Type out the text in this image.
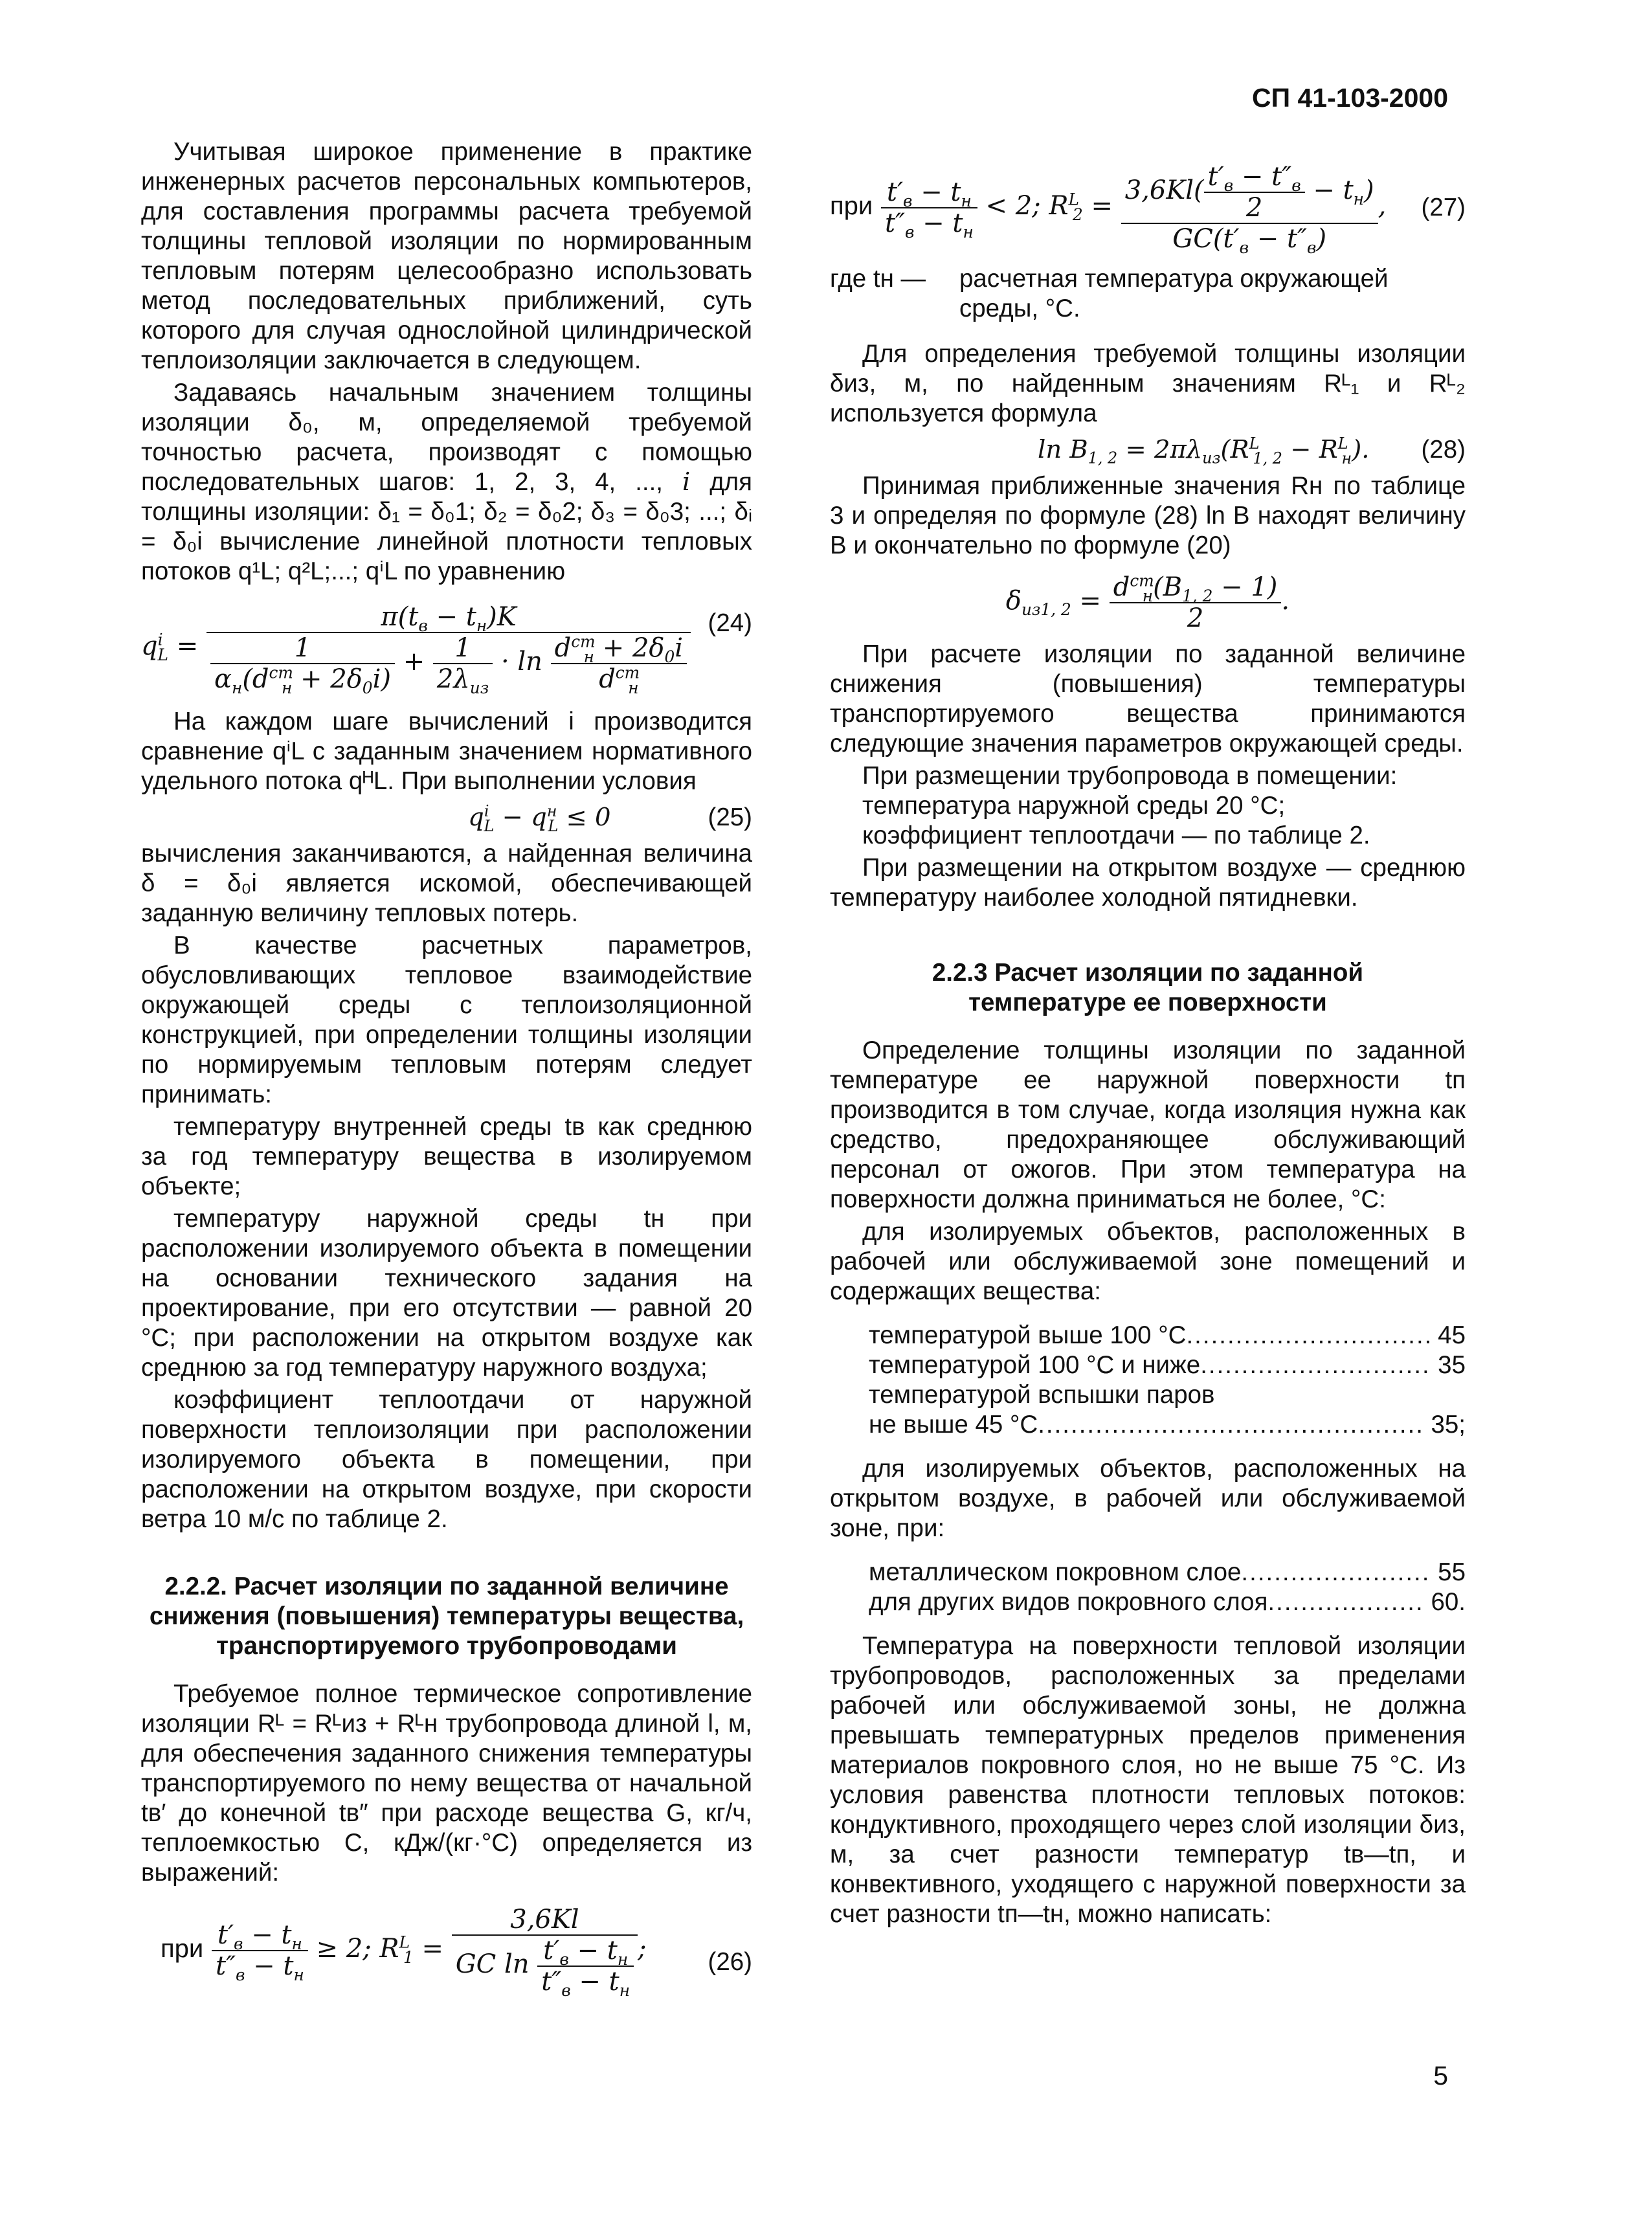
СП 41-103-2000

Учитывая широкое применение в практике инженерных расчетов персональных компьютеров, для составления программы расчета требуемой толщины тепловой изоляции по нормированным тепловым потерям целесообразно использовать метод последовательных приближений, суть которого для случая однослойной цилиндрической теплоизоляции заключается в следующем.

Задаваясь начальным значением толщины изоляции δ₀, м, определяемой требуемой точностью расчета, производят с помощью последовательных шагов: 1, 2, 3, 4, ..., i для толщины изоляции: δ₁ = δ₀1; δ₂ = δ₀2; δ₃ = δ₀3; ...; δᵢ = δ₀i вычисление линейной плотности тепловых потоков q¹L; q²L;...; qⁱL по уравнению

$q^i_L$ =
$\pi(t_в - t_н)K$
$\frac{1}{\alpha_н(d^{ст}_н + 2\delta_0i)} + \frac{1}{2\lambda_{из}} \cdot \ln \frac{d^{ст}_н + 2\delta_0i}{d^{ст}_н}$
(24)

На каждом шаге вычислений i производится сравнение qⁱL с заданным значением нормативного удельного потока qᴴL. При выполнении условия

$q^i_L - q^н_L \le 0$	(25)

вычисления заканчиваются, а найденная величина δ = δ₀i является искомой, обеспечивающей заданную величину тепловых потерь.

В качестве расчетных параметров, обусловливающих тепловое взаимодействие окружающей среды с теплоизоляционной конструкцией, при определении толщины изоляции по нормируемым тепловым потерям следует принимать:

температуру внутренней среды tв как среднюю за год температуру вещества в изолируемом объекте;

температуру наружной среды tн при расположении изолируемого объекта в помещении на основании технического задания на проектирование, при его отсутствии — равной 20 °С; при расположении на открытом воздухе как среднюю за год температуру наружного воздуха;

коэффициент теплоотдачи от наружной поверхности теплоизоляции при расположении изолируемого объекта в помещении, при расположении на открытом воздухе, при скорости ветра 10 м/с по таблице 2.

2.2.2. Расчет изоляции по заданной величине

снижения (повышения) температуры вещества,

транспортируемого трубопроводами

Требуемое полное термическое сопротивление изоляции Rᴸ = Rᴸиз + Rᴸн трубопровода длиной l, м, для обеспечения заданного снижения температуры транспортируемого по нему вещества от начальной tв′ до конечной tв″ при расходе вещества G, кг/ч, теплоемкостью С, кДж/(кг·°С) определяется из выражений:

при $\frac{t'_в - t_н}{t''_в - t_н} \ge 2$; $R^L_1 = \frac{3,6Kl}{GC \ln \frac{t'_в - t_н}{t''_в - t_н}}$ ;	(26)
при $\frac{t'_в - t_н}{t''_в - t_н} < 2$; $R^L_2 = \frac{3,6Kl( \frac{t'_в - t''_в}{2} - t_н)}{GC(t'_в - t''_в)}$ ,	(27)
где tн —	расчетная температура окружающей среды, °С.

Для определения требуемой толщины изоляции δиз, м, по найденным значениям Rᴸ₁ и Rᴸ₂ используется формула

$\ln B_{1, 2} = 2\pi\lambda_{из}(R^L_{1, 2} - R^L_н)$.	(28)

Принимая приближенные значения Rн по таблице 3 и определяя по формуле (28) ln B находят величину B и окончательно по формуле (20)

$\delta_{из1, 2} = \frac{d^{ст}_н(B_{1, 2} - 1)}{2}$ .

При расчете изоляции по заданной величине снижения (повышения) температуры транспортируемого вещества принимаются следующие значения параметров окружающей среды.

При размещении трубопровода в помещении:

температура наружной среды 20 °С;

коэффициент теплоотдачи — по таблице 2.

При размещении на открытом воздухе — среднюю температуру наиболее холодной пятидневки.

2.2.3 Расчет изоляции по заданной

температуре ее поверхности

Определение толщины изоляции по заданной температуре ее наружной поверхности tп производится в том случае, когда изоляция нужна как средство, предохраняющее обслуживающий персонал от ожогов. При этом температура на поверхности должна приниматься не более, °С:

для изолируемых объектов, расположенных в рабочей или обслуживаемой зоне помещений и содержащих вещества:

температурой выше 100 °С .....	45
температурой 100 °С и ниже .....	35
температурой вспышки паров
не выше 45 °С .....	35;

для изолируемых объектов, расположенных на открытом воздухе, в рабочей или обслуживаемой зоне, при:

металлическом покровном слое .....	55
для других видов покровного слоя .....	60.

Температура на поверхности тепловой изоляции трубопроводов, расположенных за пределами рабочей или обслуживаемой зоны, не должна превышать температурных пределов применения материалов покровного слоя, но не выше 75 °С. Из условия равенства плотности тепловых потоков: кондуктивного, проходящего через слой изоляции δиз, м, за счет разности температур tв—tп, и конвективного, уходящего с наружной поверхности за счет разности tп—tн, можно написать:

5
